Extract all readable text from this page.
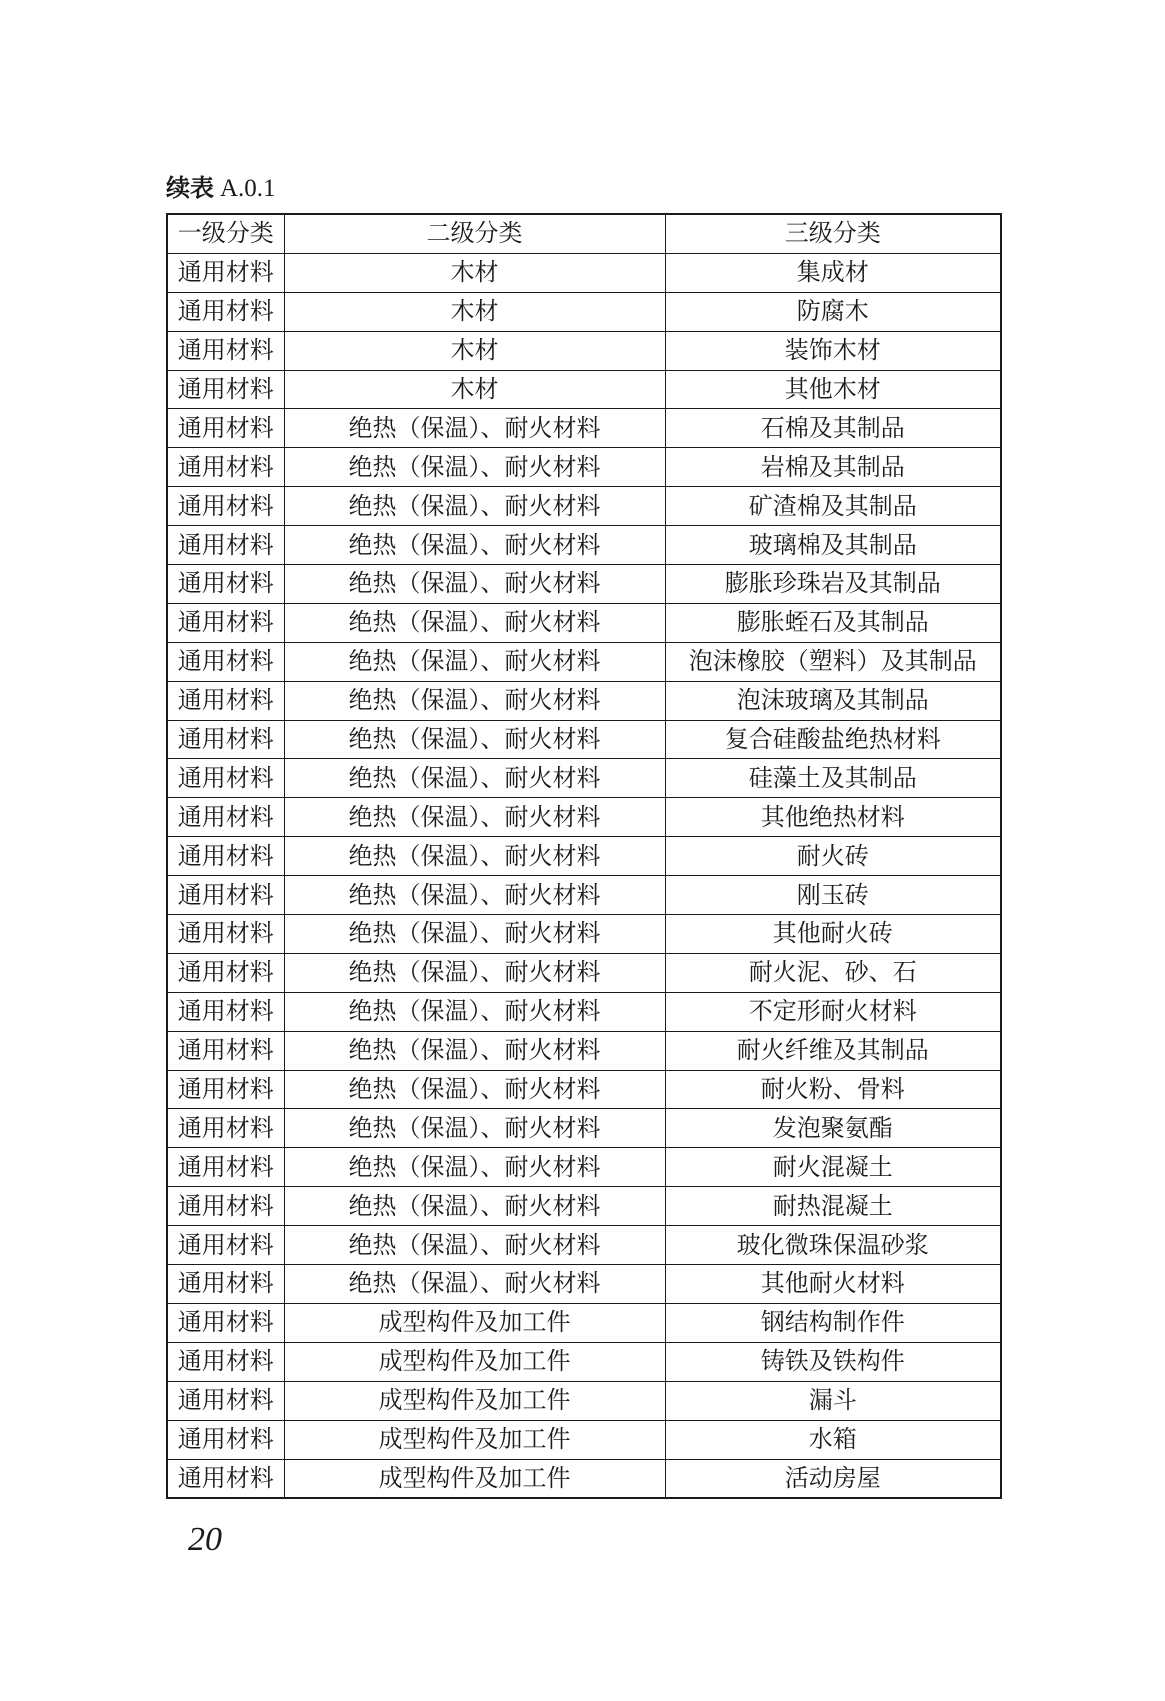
续表 A.0.1
一级分类	二级分类	三级分类
通用材料	木材	集成材
通用材料	木材	防腐木
通用材料	木材	装饰木材
通用材料	木材	其他木材
通用材料	绝热（保温）、耐火材料	石棉及其制品
通用材料	绝热（保温）、耐火材料	岩棉及其制品
通用材料	绝热（保温）、耐火材料	矿渣棉及其制品
通用材料	绝热（保温）、耐火材料	玻璃棉及其制品
通用材料	绝热（保温）、耐火材料	膨胀珍珠岩及其制品
通用材料	绝热（保温）、耐火材料	膨胀蛭石及其制品
通用材料	绝热（保温）、耐火材料	泡沫橡胶（塑料）及其制品
通用材料	绝热（保温）、耐火材料	泡沫玻璃及其制品
通用材料	绝热（保温）、耐火材料	复合硅酸盐绝热材料
通用材料	绝热（保温）、耐火材料	硅藻土及其制品
通用材料	绝热（保温）、耐火材料	其他绝热材料
通用材料	绝热（保温）、耐火材料	耐火砖
通用材料	绝热（保温）、耐火材料	刚玉砖
通用材料	绝热（保温）、耐火材料	其他耐火砖
通用材料	绝热（保温）、耐火材料	耐火泥、砂、石
通用材料	绝热（保温）、耐火材料	不定形耐火材料
通用材料	绝热（保温）、耐火材料	耐火纤维及其制品
通用材料	绝热（保温）、耐火材料	耐火粉、骨料
通用材料	绝热（保温）、耐火材料	发泡聚氨酯
通用材料	绝热（保温）、耐火材料	耐火混凝土
通用材料	绝热（保温）、耐火材料	耐热混凝土
通用材料	绝热（保温）、耐火材料	玻化微珠保温砂浆
通用材料	绝热（保温）、耐火材料	其他耐火材料
通用材料	成型构件及加工件	钢结构制作件
通用材料	成型构件及加工件	铸铁及铁构件
通用材料	成型构件及加工件	漏斗
通用材料	成型构件及加工件	水箱
通用材料	成型构件及加工件	活动房屋
20
